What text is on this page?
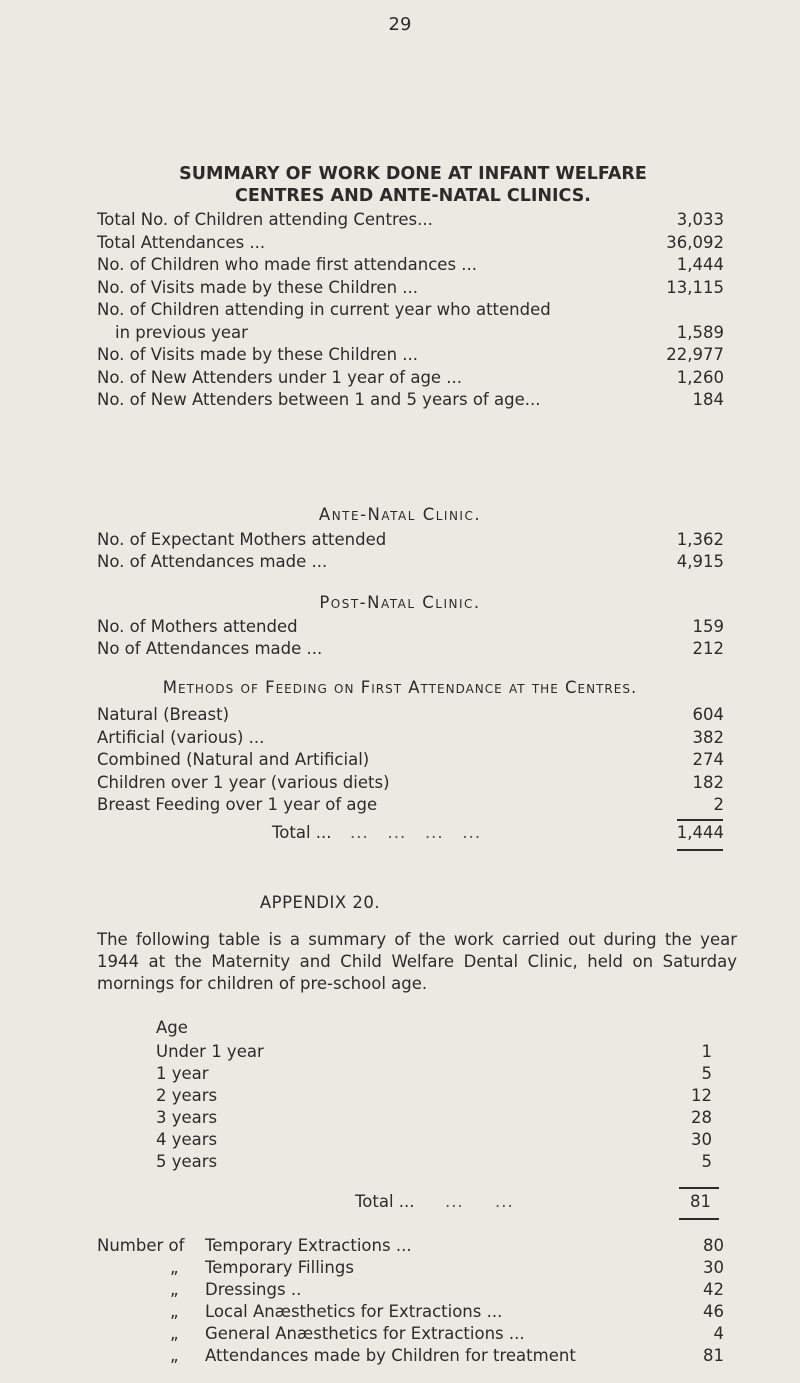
29
SUMMARY OF WORK DONE AT INFANT WELFARE
CENTRES AND ANTE-NATAL CLINICS.
Total No. of Children attending Centres...	3,033
Total Attendances ...	36,092
No. of Children who made first attendances ...	1,444
No. of Visits made by these Children ...	13,115
No. of Children attending in current year who attended
in previous year	1,589
No. of Visits made by these Children ...	22,977
No. of New Attenders under 1 year of age ...	1,260
No. of New Attenders between 1 and 5 years of age...	184
Ante-Natal Clinic.
No. of Expectant Mothers attended	1,362
No. of Attendances made ...	4,915
Post-Natal Clinic.
No. of Mothers attended	159
No of Attendances made ...	212
Methods of Feeding on First Attendance at the Centres.
Natural (Breast)	604
Artificial (various) ...	382
Combined (Natural and Artificial)	274
Children over 1 year (various diets)	182
Breast Feeding over 1 year of age	2
Total ... ...   ...   ...   ...	1,444
APPENDIX 20.
The following table is a summary of the work carried out during the year 1944 at the Maternity and Child Welfare Dental Clinic, held on Saturday mornings for children of pre-school age.
Age
Under 1 year	1
1 year	5
2 years	12
3 years	28
4 years	30
5 years	5
Total ... ...     ...	81
Number of Temporary Extractions ...	80
„ Temporary Fillings	30
„ Dressings ..	42
„ Local Anæsthetics for Extractions ...	46
„ General Anæsthetics for Extractions ...	4
„ Attendances made by Children for treatment	81
